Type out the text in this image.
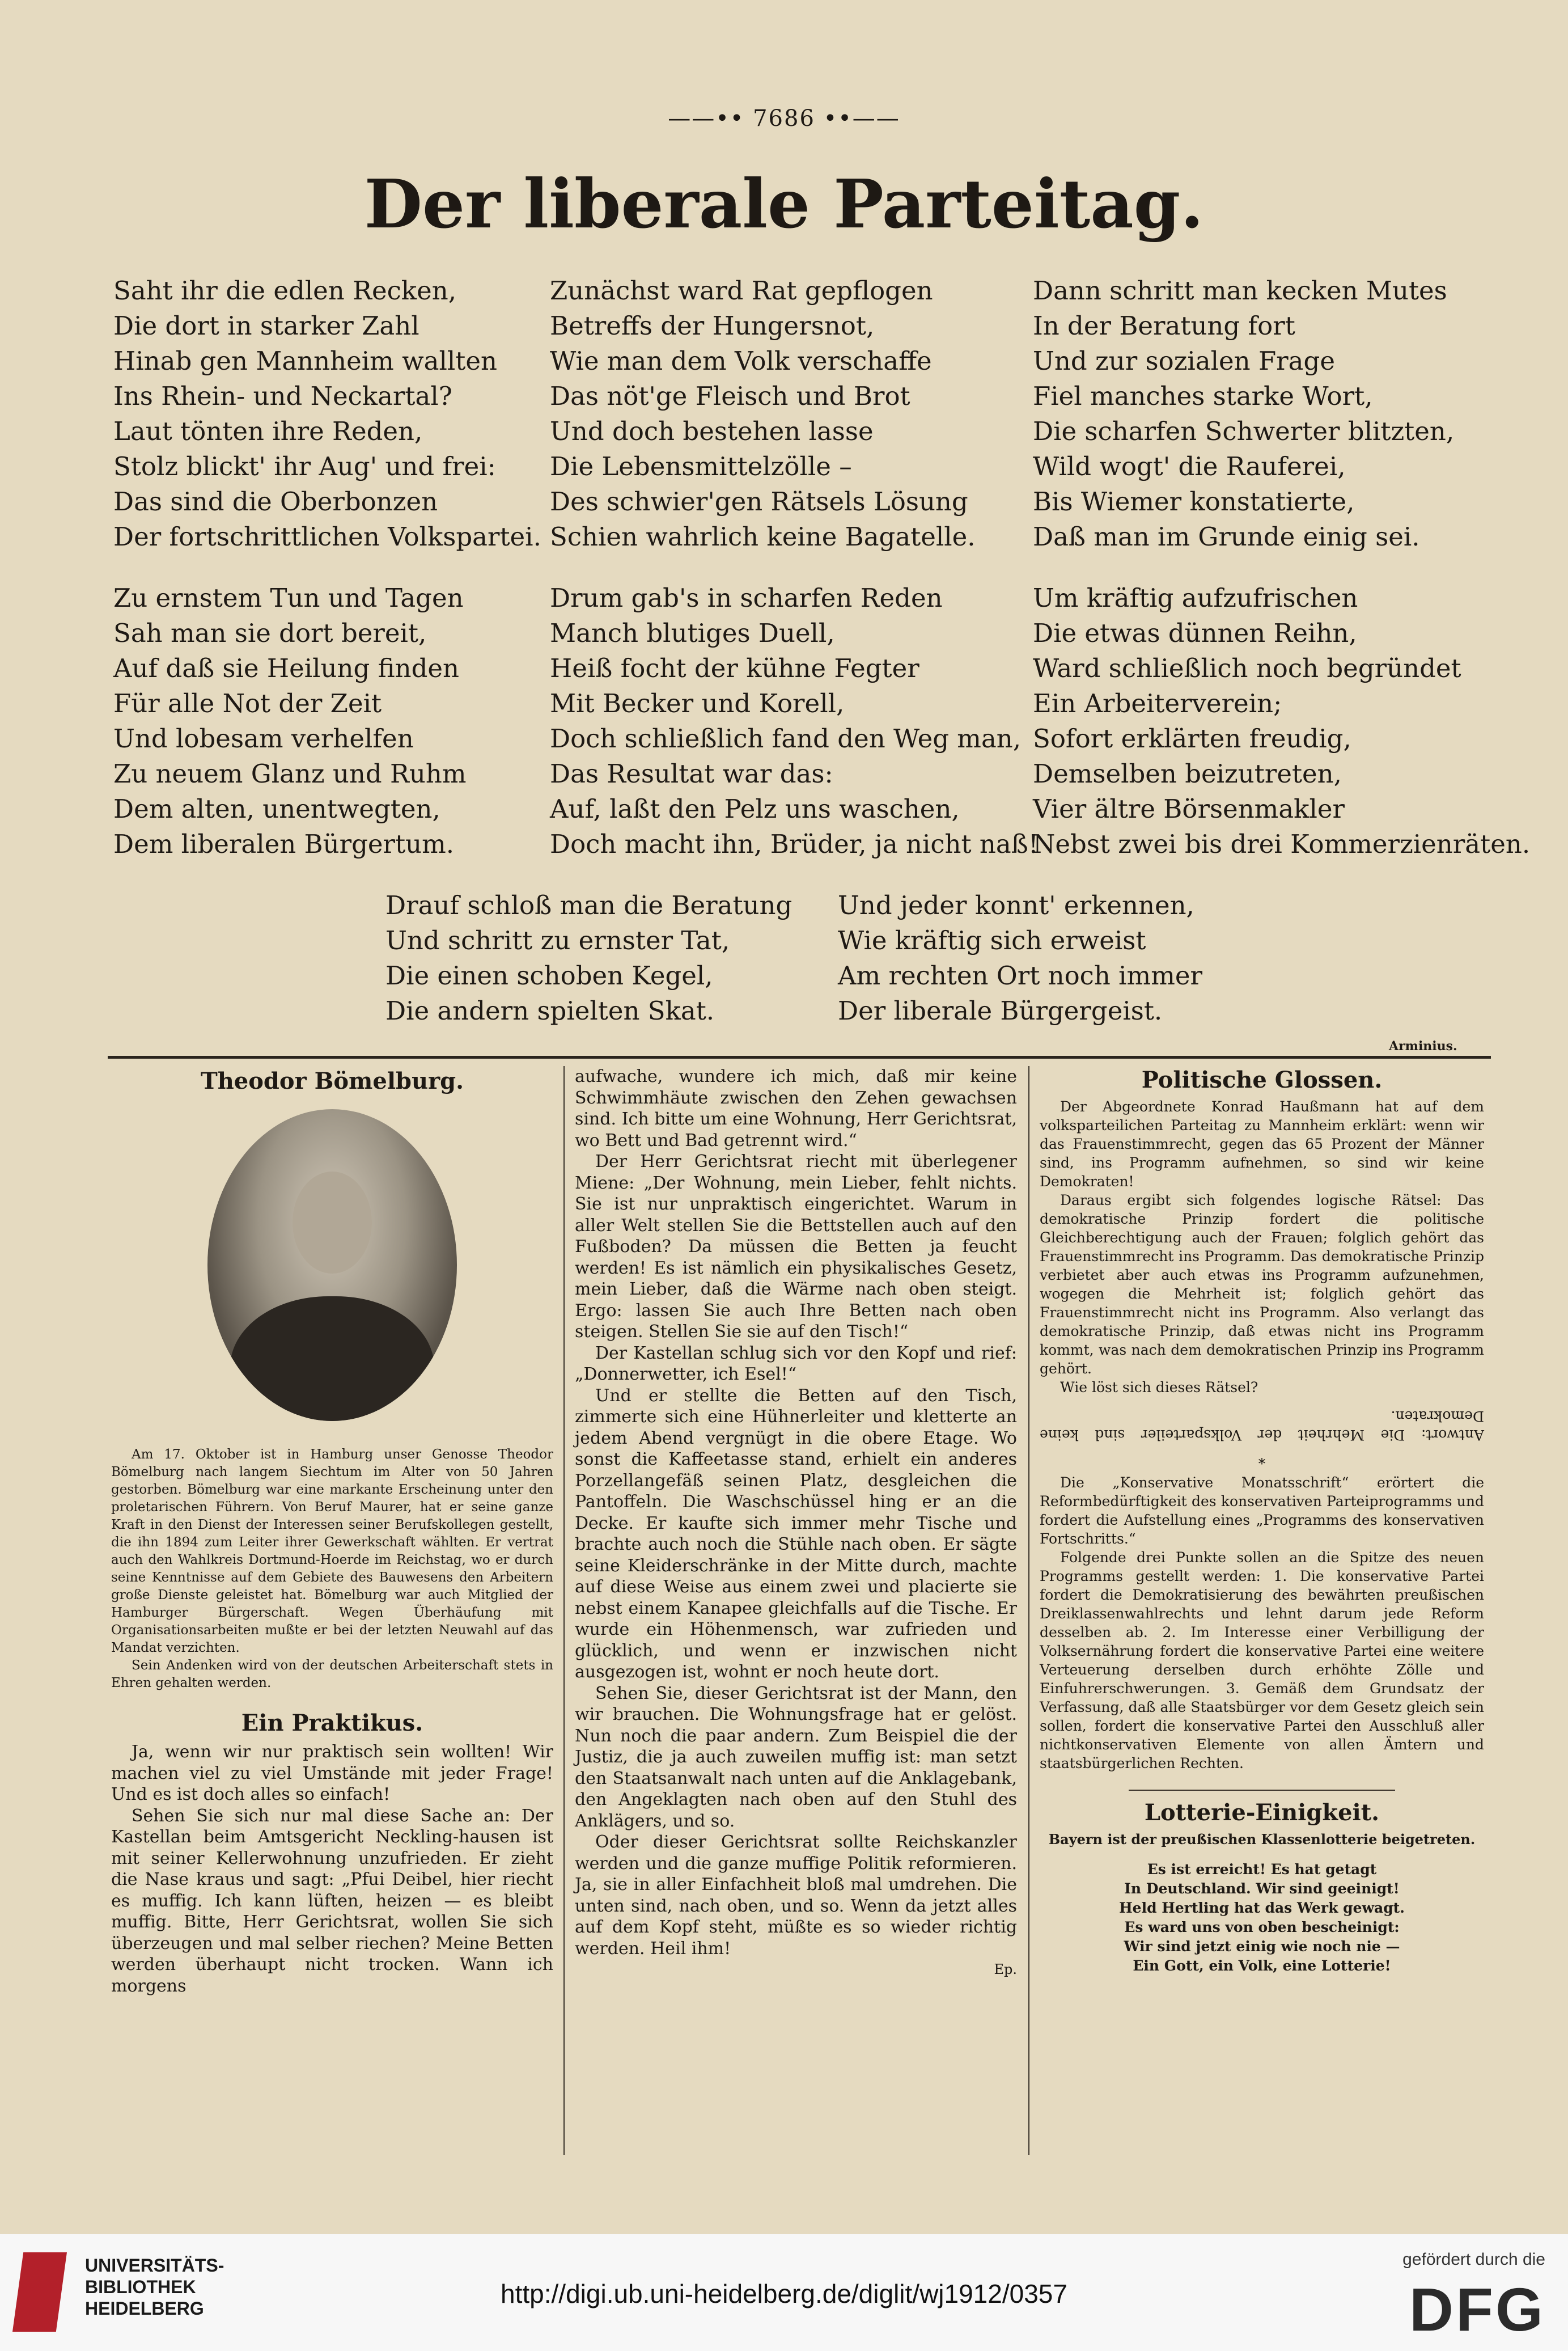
——•• 7686 ••——
Der liberale Parteitag.
Saht ihr die edlen Recken,
Die dort in starker Zahl
Hinab gen Mannheim wallten
Ins Rhein- und Neckartal?
Laut tönten ihre Reden,
Stolz blickt' ihr Aug' und frei:
Das sind die Oberbonzen
Der fortschrittlichen Volkspartei.
Zunächst ward Rat gepflogen
Betreffs der Hungersnot,
Wie man dem Volk verschaffe
Das nöt'ge Fleisch und Brot
Und doch bestehen lasse
Die Lebensmittelzölle –
Des schwier'gen Rätsels Lösung
Schien wahrlich keine Bagatelle.
Dann schritt man kecken Mutes
In der Beratung fort
Und zur sozialen Frage
Fiel manches starke Wort,
Die scharfen Schwerter blitzten,
Wild wogt' die Rauferei,
Bis Wiemer konstatierte,
Daß man im Grunde einig sei.
Zu ernstem Tun und Tagen
Sah man sie dort bereit,
Auf daß sie Heilung finden
Für alle Not der Zeit
Und lobesam verhelfen
Zu neuem Glanz und Ruhm
Dem alten, unentwegten,
Dem liberalen Bürgertum.
Drum gab's in scharfen Reden
Manch blutiges Duell,
Heiß focht der kühne Fegter
Mit Becker und Korell,
Doch schließlich fand den Weg man,
Das Resultat war das:
Auf, laßt den Pelz uns waschen,
Doch macht ihn, Brüder, ja nicht naß!
Um kräftig aufzufrischen
Die etwas dünnen Reihn,
Ward schließlich noch begründet
Ein Arbeiterverein;
Sofort erklärten freudig,
Demselben beizutreten,
Vier ältre Börsenmakler
Nebst zwei bis drei Kommerzienräten.
Drauf schloß man die Beratung
Und schritt zu ernster Tat,
Die einen schoben Kegel,
Die andern spielten Skat.
Und jeder konnt' erkennen,
Wie kräftig sich erweist
Am rechten Ort noch immer
Der liberale Bürgergeist.
Arminius.
Theodor Bömelburg.

Am 17. Oktober ist in Hamburg unser Genosse Theodor Bömelburg nach langem Siechtum im Alter von 50 Jahren gestorben. Bömelburg war eine markante Erscheinung unter den proletarischen Führern. Von Beruf Maurer, hat er seine ganze Kraft in den Dienst der Interessen seiner Berufskollegen gestellt, die ihn 1894 zum Leiter ihrer Gewerkschaft wählten. Er vertrat auch den Wahlkreis Dortmund-Hoerde im Reichstag, wo er durch seine Kenntnisse auf dem Gebiete des Bauwesens den Arbeitern große Dienste geleistet hat. Bömelburg war auch Mitglied der Hamburger Bürgerschaft. Wegen Überhäufung mit Organisationsarbeiten mußte er bei der letzten Neuwahl auf das Mandat verzichten.

Sein Andenken wird von der deutschen Arbeiterschaft stets in Ehren gehalten werden.

Ein Praktikus.

Ja, wenn wir nur praktisch sein wollten! Wir machen viel zu viel Umstände mit jeder Frage! Und es ist doch alles so einfach!

Sehen Sie sich nur mal diese Sache an: Der Kastellan beim Amtsgericht Neckling-hausen ist mit seiner Kellerwohnung unzufrieden. Er zieht die Nase kraus und sagt: „Pfui Deibel, hier riecht es muffig. Ich kann lüften, heizen — es bleibt muffig. Bitte, Herr Gerichtsrat, wollen Sie sich überzeugen und mal selber riechen? Meine Betten werden überhaupt nicht trocken. Wann ich morgens

aufwache, wundere ich mich, daß mir keine Schwimmhäute zwischen den Zehen gewachsen sind. Ich bitte um eine Wohnung, Herr Gerichtsrat, wo Bett und Bad getrennt wird.“

Der Herr Gerichtsrat riecht mit überlegener Miene: „Der Wohnung, mein Lieber, fehlt nichts. Sie ist nur unpraktisch eingerichtet. Warum in aller Welt stellen Sie die Bettstellen auch auf den Fußboden? Da müssen die Betten ja feucht werden! Es ist nämlich ein physikalisches Gesetz, mein Lieber, daß die Wärme nach oben steigt. Ergo: lassen Sie auch Ihre Betten nach oben steigen. Stellen Sie sie auf den Tisch!“

Der Kastellan schlug sich vor den Kopf und rief: „Donnerwetter, ich Esel!“

Und er stellte die Betten auf den Tisch, zimmerte sich eine Hühnerleiter und kletterte an jedem Abend vergnügt in die obere Etage. Wo sonst die Kaffeetasse stand, erhielt ein anderes Porzellangefäß seinen Platz, desgleichen die Pantoffeln. Die Waschschüssel hing er an die Decke. Er kaufte sich immer mehr Tische und brachte auch noch die Stühle nach oben. Er sägte seine Kleiderschränke in der Mitte durch, machte auf diese Weise aus einem zwei und placierte sie nebst einem Kanapee gleichfalls auf die Tische. Er wurde ein Höhenmensch, war zufrieden und glücklich, und wenn er inzwischen nicht ausgezogen ist, wohnt er noch heute dort.

Sehen Sie, dieser Gerichtsrat ist der Mann, den wir brauchen. Die Wohnungsfrage hat er gelöst. Nun noch die paar andern. Zum Beispiel die der Justiz, die ja auch zuweilen muffig ist: man setzt den Staatsanwalt nach unten auf die Anklagebank, den Angeklagten nach oben auf den Stuhl des Anklägers, und so.

Oder dieser Gerichtsrat sollte Reichskanzler werden und die ganze muffige Politik reformieren. Ja, sie in aller Einfachheit bloß mal umdrehen. Die unten sind, nach oben, und so. Wenn da jetzt alles auf dem Kopf steht, müßte es so wieder richtig werden. Heil ihm!

Ep.
Politische Glossen.

Der Abgeordnete Konrad Haußmann hat auf dem volksparteilichen Parteitag zu Mannheim erklärt: wenn wir das Frauenstimmrecht, gegen das 65 Prozent der Männer sind, ins Programm aufnehmen, so sind wir keine Demokraten!

Daraus ergibt sich folgendes logische Rätsel: Das demokratische Prinzip fordert die politische Gleichberechtigung auch der Frauen; folglich gehört das Frauenstimmrecht ins Programm. Das demokratische Prinzip verbietet aber auch etwas ins Programm aufzunehmen, wogegen die Mehrheit ist; folglich gehört das Frauenstimmrecht nicht ins Programm. Also verlangt das demokratische Prinzip, daß etwas nicht ins Programm kommt, was nach dem demokratischen Prinzip ins Programm gehört.

Wie löst sich dieses Rätsel?

Antwort: Die Mehrheit der Volksparteiler sind keine Demokraten.

*

Die „Konservative Monatsschrift“ erörtert die Reformbedürftigkeit des konservativen Parteiprogramms und fordert die Aufstellung eines „Programms des konservativen Fortschritts.“

Folgende drei Punkte sollen an die Spitze des neuen Programms gestellt werden: 1. Die konservative Partei fordert die Demokratisierung des bewährten preußischen Dreiklassenwahlrechts und lehnt darum jede Reform desselben ab. 2. Im Interesse einer Verbilligung der Volksernährung fordert die konservative Partei eine weitere Verteuerung derselben durch erhöhte Zölle und Einfuhrerschwerungen. 3. Gemäß dem Grundsatz der Verfassung, daß alle Staatsbürger vor dem Gesetz gleich sein sollen, fordert die konservative Partei den Ausschluß aller nichtkonservativen Elemente von allen Ämtern und staatsbürgerlichen Rechten.

Lotterie-Einigkeit.
Bayern ist der preußischen Klassenlotterie beigetreten.
Es ist erreicht! Es hat getagt
In Deutschland. Wir sind geeinigt!
Held Hertling hat das Werk gewagt.
Es ward uns von oben bescheinigt:
Wir sind jetzt einig wie noch nie —
Ein Gott, ein Volk, eine Lotterie!
UNIVERSITÄTS-
BIBLIOTHEK
HEIDELBERG	http://digi.ub.uni-heidelberg.de/diglit/wj1912/0357
gefördert durch die
DFG
